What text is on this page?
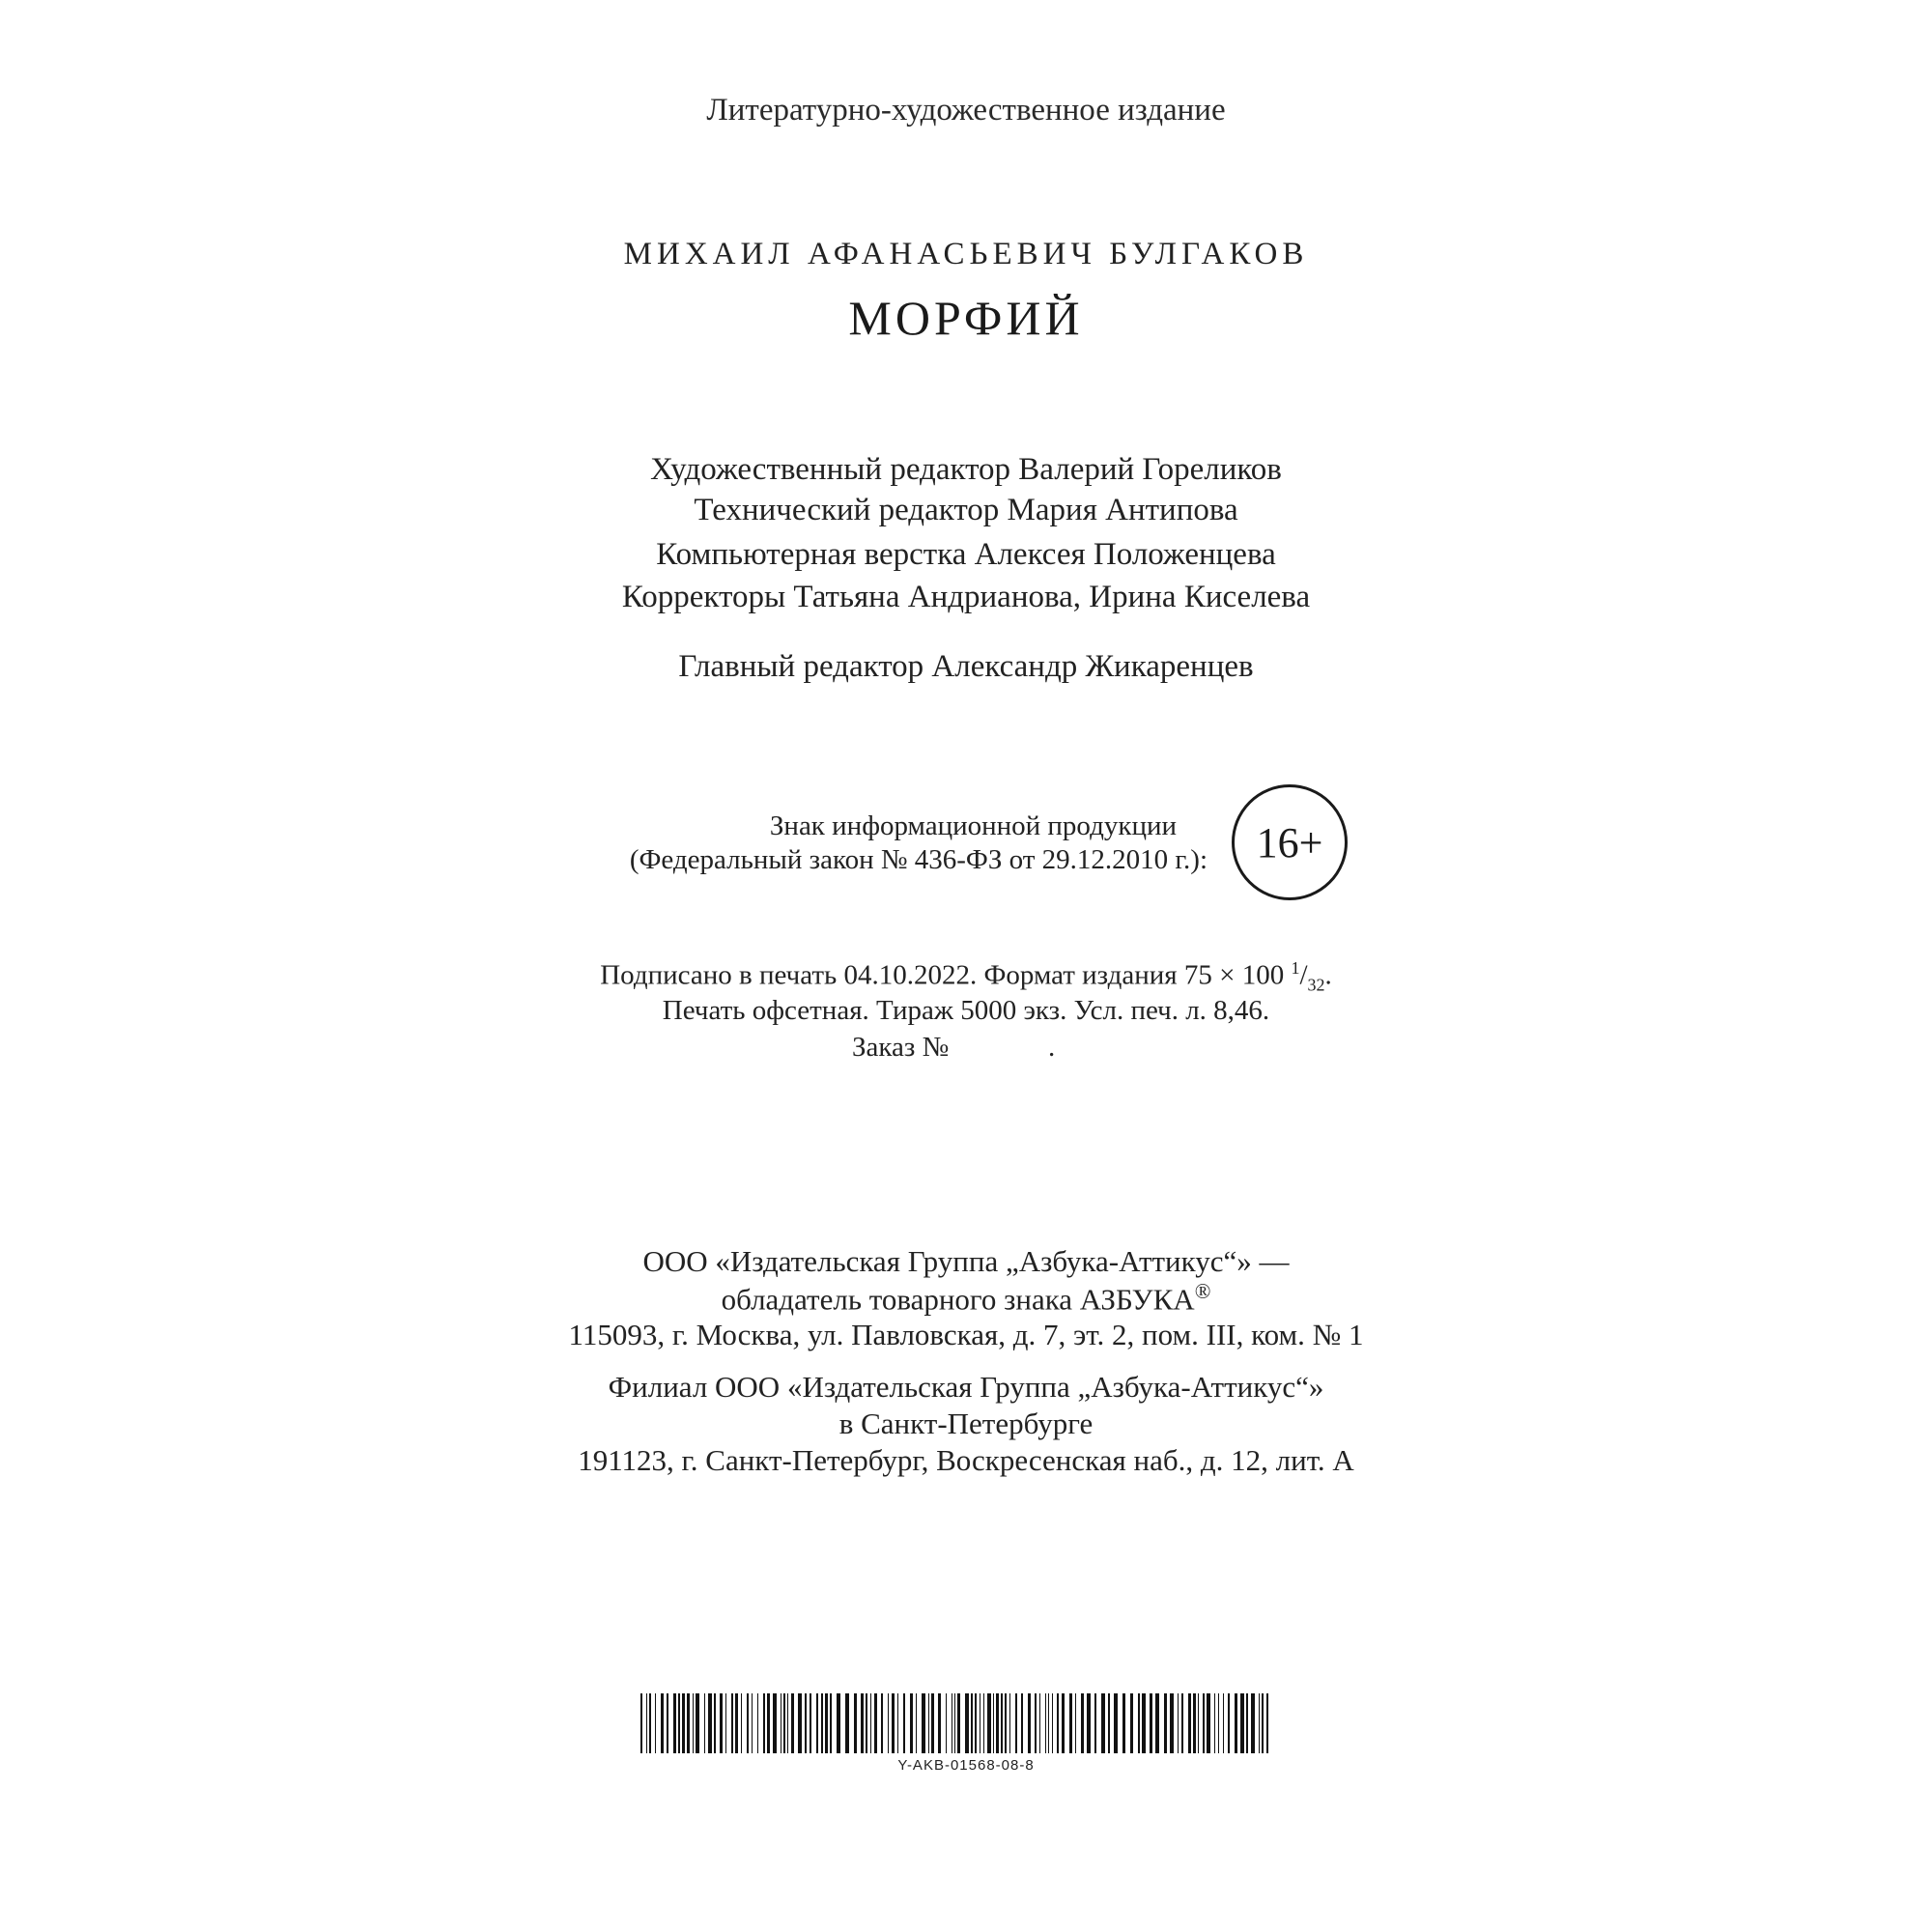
Литературно-художественное издание
МИХАИЛ АФАНАСЬЕВИЧ БУЛГАКОВ
МОРФИЙ
Художественный редактор Валерий Гореликов
Технический редактор Мария Антипова
Компьютерная верстка Алексея Положенцева
Корректоры Татьяна Андрианова, Ирина Киселева
Главный редактор Александр Жикаренцев
Знак информационной продукции
(Федеральный закон № 436-ФЗ от 29.12.2010 г.): 16+
Подписано в печать 04.10.2022. Формат издания 75 × 100 $^1/_{32}$.
Печать офсетная. Тираж 5000 экз. Усл. печ. л. 8,46.
Заказ №	.
ООО «Издательская Группа „Азбука-Аттикус“» —
обладатель товарного знака АЗБУКА®
115093, г. Москва, ул. Павловская, д. 7, эт. 2, пом. III, ком. № 1
Филиал ООО «Издательская Группа „Азбука-Аттикус“»
в Санкт-Петербурге
191123, г. Санкт-Петербург, Воскресенская наб., д. 12, лит. А
Y-AKB-01568-08-8
